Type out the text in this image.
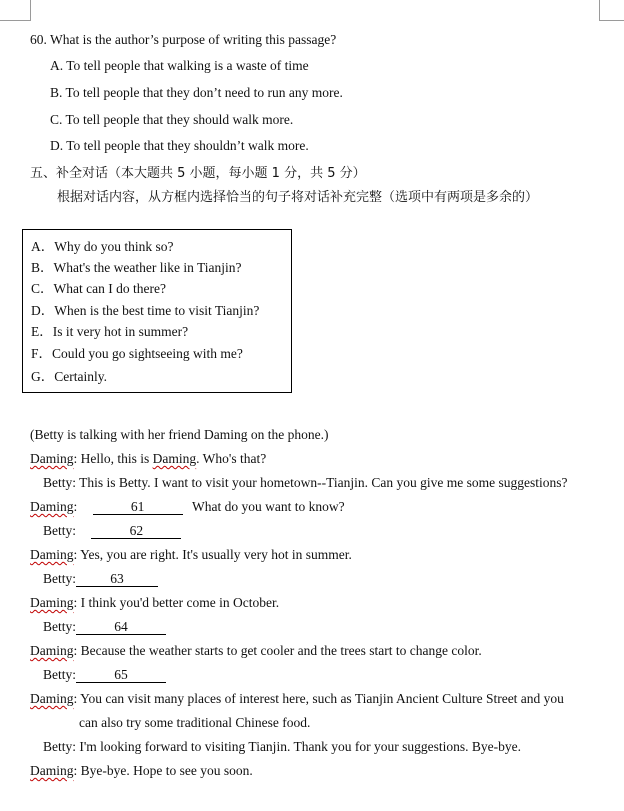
60. What is the author’s purpose of writing this passage?
A. To tell people that walking is a waste of time
B. To tell people that they don’t need to run any more.
C. To tell people that they should walk more.
D. To tell people that they shouldn’t walk more.
五、补全对话（本大题共 5 小题，每小题 1 分，共 5 分）
根据对话内容，从方框内选择恰当的句子将对话补充完整（选项中有两项是多余的）
A．Why do you think so?
B．What's the weather like in Tianjin?
C．What can I do there?
D．When is the best time to visit Tianjin?
E．Is it very hot in summer?
F．Could you go sightseeing with me?
G．Certainly.
(Betty is talking with her friend Daming on the phone.)
Daming: Hello, this is Daming. Who's that?
Betty: This is Betty. I want to visit your hometown--Tianjin. Can you give me some suggestions?
Daming:	61	What do you want to know?
Betty:	62
Daming: Yes, you are right. It's usually very hot in summer.
Betty:	63
Daming: I think you'd better come in October.
Betty:	64
Daming: Because the weather starts to get cooler and the trees start to change color.
Betty:	65
Daming: You can visit many places of interest here, such as Tianjin Ancient Culture Street and you
can also try some traditional Chinese food.
Betty: I'm looking forward to visiting Tianjin. Thank you for your suggestions. Bye-bye.
Daming: Bye-bye. Hope to see you soon.
